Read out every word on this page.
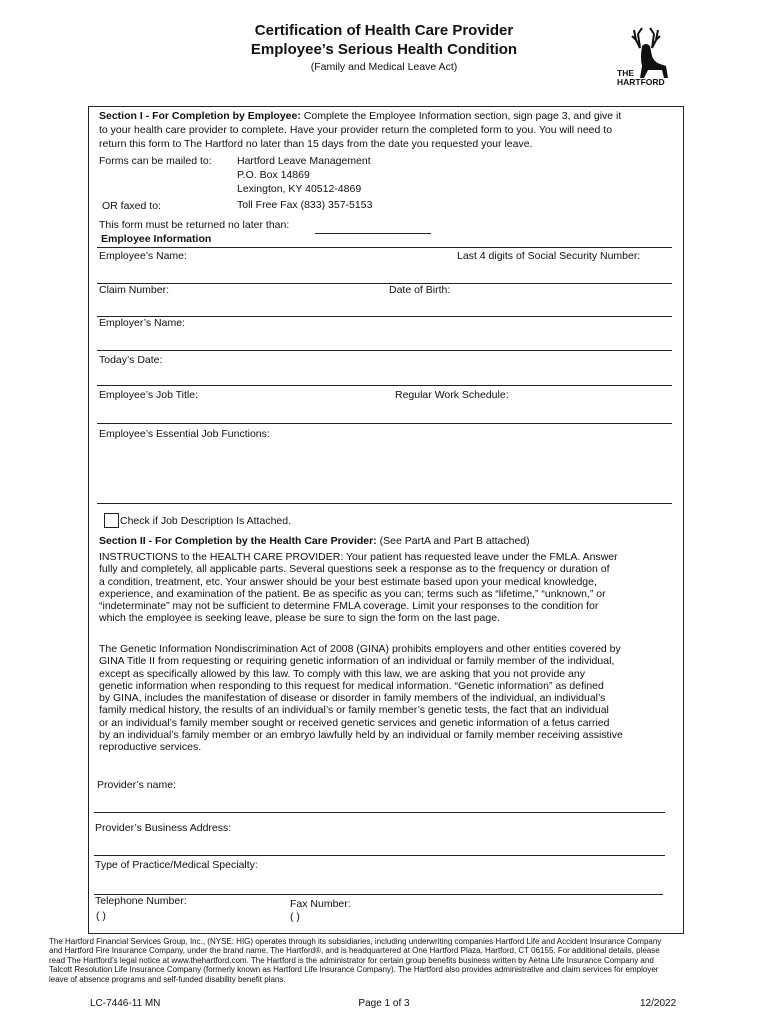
Certification of Health Care Provider
Employee’s Serious Health Condition
(Family and Medical Leave Act)	THE
HARTFORD
Section I - For Completion by Employee: Complete the Employee Information section, sign page 3, and give it
to your health care provider to complete. Have your provider return the completed form to you. You will need to
return this form to The Hartford no later than 15 days from the date you requested your leave.
Forms can be mailed to: Hartford Leave Management
P.O. Box 14869
Lexington, KY 40512-4869
OR faxed to:	Toll Free Fax (833) 357-5153
This form must be returned no later than:
Employee Information
Employee’s Name:	Last 4 digits of Social Security Number:
Claim Number:	Date of Birth:
Employer’s Name:
Today’s Date:
Employee’s Job Title:	Regular Work Schedule:
Employee’s Essential Job Functions:
Check if Job Description Is Attached.
Section II - For Completion by the Health Care Provider: (See PartA and Part B attached)
INSTRUCTIONS to the HEALTH CARE PROVIDER: Your patient has requested leave under the FMLA. Answer
fully and completely, all applicable parts. Several questions seek a response as to the frequency or duration of
a condition, treatment, etc. Your answer should be your best estimate based upon your medical knowledge,
experience, and examination of the patient. Be as specific as you can; terms such as “lifetime,” “unknown,” or
“indeterminate” may not be sufficient to determine FMLA coverage. Limit your responses to the condition for
which the employee is seeking leave, please be sure to sign the form on the last page.
The Genetic Information Nondiscrimination Act of 2008 (GINA) prohibits employers and other entities covered by
GINA Title II from requesting or requiring genetic information of an individual or family member of the individual,
except as specifically allowed by this law. To comply with this law, we are asking that you not provide any
genetic information when responding to this request for medical information. “Genetic information” as defined
by GINA, includes the manifestation of disease or disorder in family members of the individual, an individual’s
family medical history, the results of an individual’s or family member’s genetic tests, the fact that an individual
or an individual’s family member sought or received genetic services and genetic information of a fetus carried
by an individual’s family member or an embryo lawfully held by an individual or family member receiving assistive
reproductive services.
Provider’s name:
Provider’s Business Address:
Type of Practice/Medical Specialty:
Telephone Number:
( )
Fax Number:
( )
The Hartford Financial Services Group, Inc., (NYSE: HIG) operates through its subsidiaries, including underwriting companies Hartford Life and Accident Insurance Company
and Hartford Fire Insurance Company, under the brand name, The Hartford®, and is headquartered at One Hartford Plaza, Hartford, CT 06155. For additional details, please
read The Hartford’s legal notice at www.thehartford.com. The Hartford is the administrator for certain group benefits business written by Aetna Life Insurance Company and
Talcott Resolution Life Insurance Company (formerly known as Hartford Life Insurance Company). The Hartford also provides administrative and claim services for employer
leave of absence programs and self-funded disability benefit plans.
LC-7446-11 MN	Page 1 of 3	12/2022
